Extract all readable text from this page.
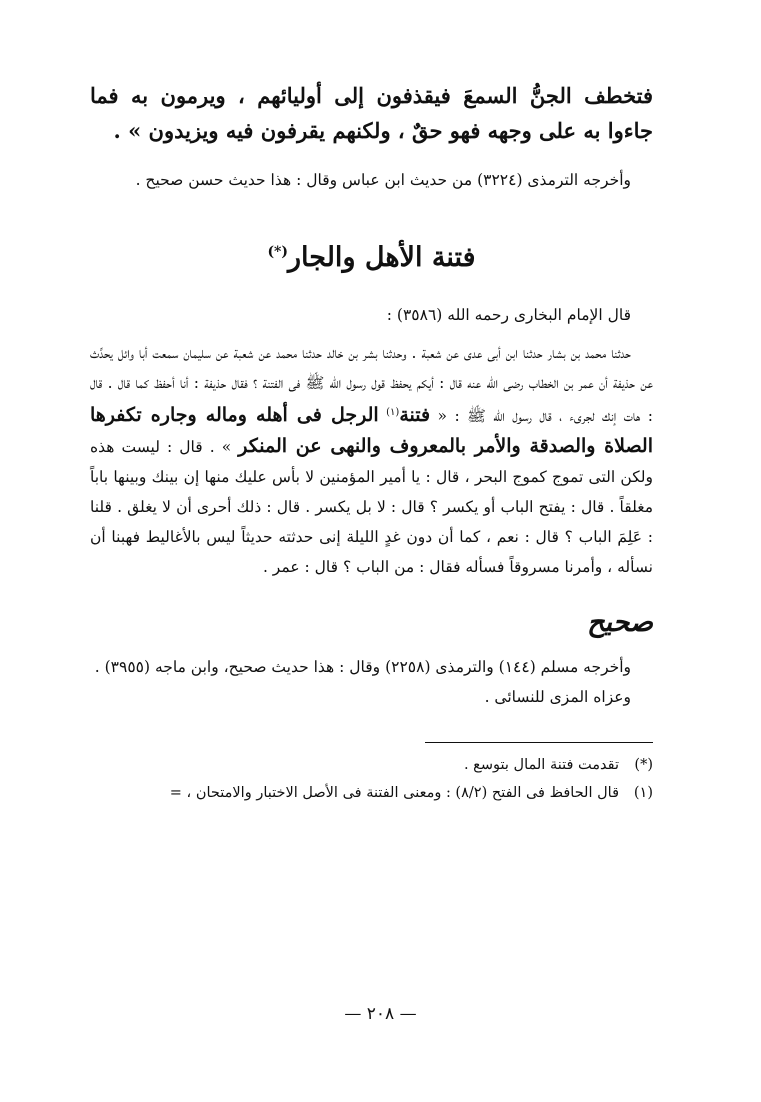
فتخطف الجنُّ السمعَ فيقذفون إلى أوليائهم ، ويرمون به فما جاءوا به على وجهه فهو حقٌ ، ولكنهم يقرفون فيه ويزيدون » .

وأخرجه الترمذى (٣٢٢٤) من حديث ابن عباس وقال : هذا حديث حسن صحيح .

فتنة الأهل والجار(*)

قال الإمام البخارى رحمه الله (٣٥٨٦) :

حدثنا محمد بن بشار حدثنا ابن أبى عدى عن شعبة . وحدثنا بشر بن خالد حدثنا محمد عن شعبة عن سليمان سمعت أبا وائل يحدِّث عن حذيفة أن عمر بن الخطاب رضى الله عنه قال : أيكم يحفظ قول رسول الله ﷺ فى الفتنة ؟ فقال حذيفة : أنا أحفظ كما قال . قال : هات إنك لجرىء ، قال رسول الله ﷺ : « فتنة$^{(١)}$ الرجل فى أهله وماله وجاره تكفرها الصلاة والصدقة والأمر بالمعروف والنهى عن المنكر » . قال : ليست هذه ولكن التى تموج كموج البحر ، قال : يا أمير المؤمنين لا بأس عليك منها إن بينك وبينها باباً مغلقاً . قال : يفتح الباب أو يكسر ؟ قال : لا بل يكسر . قال : ذلك أحرى أن لا يغلق . قلنا : عَلِمَ الباب ؟ قال : نعم ، كما أن دون غدٍ الليلة إنى حدثته حديثاً ليس بالأغاليط فهبنا أن نسأله ، وأمرنا مسروقاً فسأله فقال : من الباب ؟ قال : عمر .

صحيح

وأخرجه مسلم (١٤٤) والترمذى (٢٢٥٨) وقال : هذا حديث صحيح، وابن ماجه (٣٩٥٥) .

وعزاه المزى للنسائى .

(*)تقدمت فتنة المال بتوسع .

(١)قال الحافظ فى الفتح (٨/٢) : ومعنى الفتنة فى الأصل الاختبار والامتحان ، =

— ٢٠٨ —
